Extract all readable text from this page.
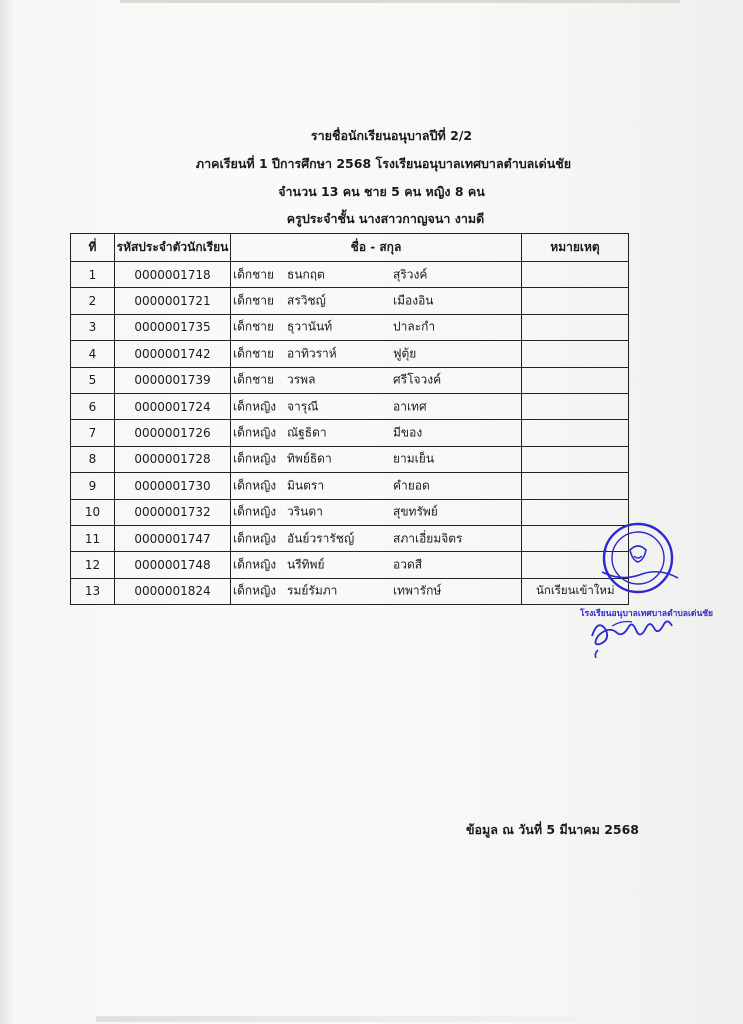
รายชื่อนักเรียนอนุบาลปีที่ 2/2
ภาคเรียนที่ 1 ปีการศึกษา 2568 โรงเรียนอนุบาลเทศบาลตำบลเด่นชัย
จำนวน 13 คน ชาย 5 คน หญิง 8 คน
ครูประจำชั้น นางสาวกาญจนา งามดี
ที่	รหัสประจำตัวนักเรียน	ชื่อ - สกุล	หมายเหตุ
1	0000001718	เด็กชาย ธนกฤต สุริวงค์	

2	0000001721	เด็กชาย สรวิชญ์ เมืองอิน	

3	0000001735	เด็กชาย ธุวานันท์ ปาละกำ	

4	0000001742	เด็กชาย อาทิวราห์ ฟูตุ้ย	

5	0000001739	เด็กชาย วรพล ศรีโจวงค์	

6	0000001724	เด็กหญิง จารุณี อาเทศ	

7	0000001726	เด็กหญิง ณัฐธิดา มีของ	

8	0000001728	เด็กหญิง ทิพย์ธิดา ยามเย็น	

9	0000001730	เด็กหญิง มินตรา คำยอด	

10	0000001732	เด็กหญิง วรินดา สุขทรัพย์	

11	0000001747	เด็กหญิง อันย์วรารัชญ์ สภาเอี่ยมจิตร	

12	0000001748	เด็กหญิง นรีทิพย์ อวดสี	

13	0000001824	เด็กหญิง รมย์รัมภา เทพารักษ์	นักเรียนเข้าใหม่
ข้อมูล ณ วันที่ 5 มีนาคม 2568
โรงเรียนอนุบาลเทศบาลตำบลเด่นชัย
